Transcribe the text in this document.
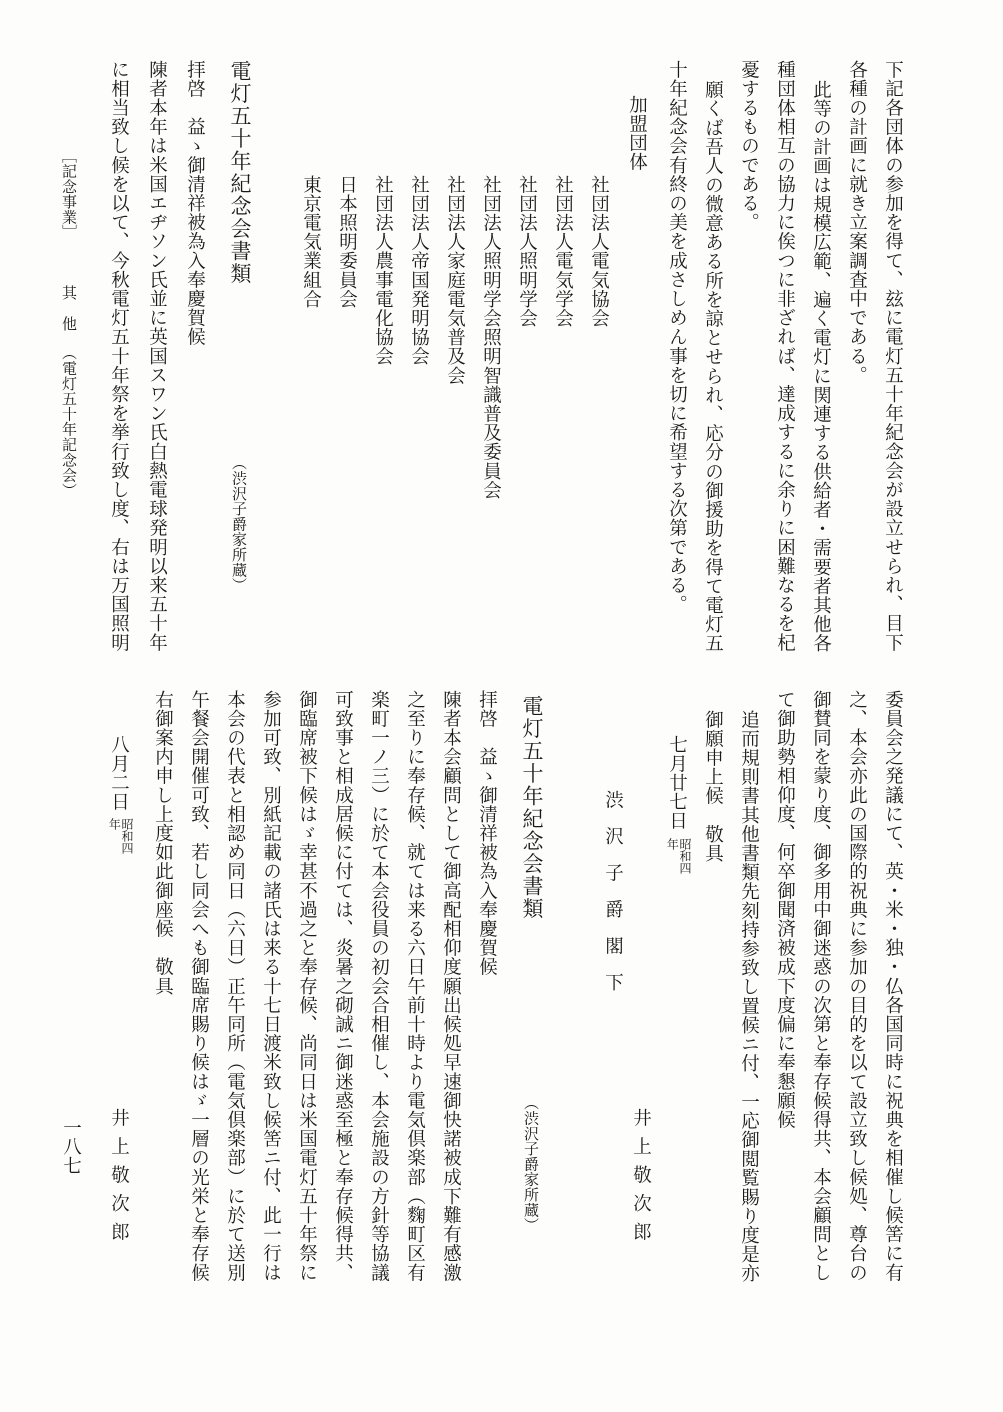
下記各団体の参加を得て、玆に電灯五十年紀念会が設立せられ、目下
各種の計画に就き立案調査中である。
此等の計画は規模広範、遍く電灯に関連する供給者・需要者其他各
種団体相互の協力に俟つに非ざれば、達成するに余りに困難なるを杞
憂するものである。
願くば吾人の微意ある所を諒とせられ、応分の御援助を得て電灯五
十年紀念会有終の美を成さしめん事を切に希望する次第である。
加盟団体
社団法人電気協会
社団法人電気学会
社団法人照明学会
社団法人照明学会照明智識普及委員会
社団法人家庭電気普及会
社団法人帝国発明協会
社団法人農事電化協会
日本照明委員会
東京電気業組合
電灯五十年紀念会書類
（渋沢子爵家所蔵）
拝啓　益ゝ御清祥被為入奉慶賀候
陳者本年は米国エヂソン氏並に英国スワン氏白熱電球発明以来五十年
に相当致し候を以て、今秋電灯五十年祭を挙行致し度、右は万国照明
［記念事業］
其　他
（電灯五十年記念会）
委員会之発議にて、英・米・独・仏各国同時に祝典を相催し候筈に有
之、本会亦此の国際的祝典に参加の目的を以て設立致し候処、尊台の
御賛同を蒙り度、御多用中御迷惑の次第と奉存候得共、本会顧問とし
て御助勢相仰度、何卒御聞済被成下度偏に奉懇願候
追而規則書其他書類先刻持参致し置候ニ付、一応御閲覧賜り度是亦
御願申上候　敬具
七月廿七日
昭和四年
渋沢子爵閣下
井上敬次郎
電灯五十年紀念会書類
（渋沢子爵家所蔵）
拝啓　益ゝ御清祥被為入奉慶賀候
陳者本会顧問として御高配相仰度願出候処早速御快諾被成下難有感激
之至りに奉存候、就ては来る六日午前十時より電気倶楽部（麴町区有
楽町一ノ三）に於て本会役員の初会合相催し、本会施設の方針等協議
可致事と相成居候に付ては、炎暑之砌誠ニ御迷惑至極と奉存候得共、
御臨席被下候はゞ幸甚不過之と奉存候、尚同日は米国電灯五十年祭に
参加可致、別紙記載の諸氏は来る十七日渡米致し候筈ニ付、此一行は
本会の代表と相認め同日（六日）正午同所（電気倶楽部）に於て送別
午餐会開催可致、若し同会へも御臨席賜り候はゞ一層の光栄と奉存候
右御案内申し上度如此御座候　敬具
八月二日
昭和四年
井上敬次郎
一八七
